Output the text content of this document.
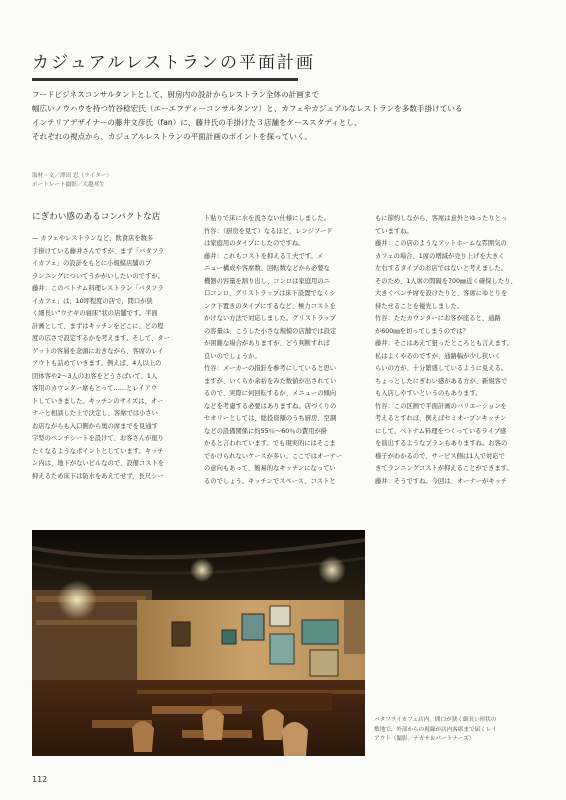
カジュアルレストランの平面計画
フードビジネスコンサルタントとして、厨房内の設計からレストラン全体の計画まで
幅広いノウハウを持つ竹谷稔宏氏（エーエフディーコンサルタンツ）と、カフェやカジュアルなレストランを多数手掛けている
インテリアデザイナーの藤井文彦氏（fan）に、藤井氏の手掛けた３店舗をケーススタディとし、
それぞれの視点から、カジュアルレストランの平面計画のポイントを探っていく。
取材・文／澤田 忍（ライター）
ポートレート撮影／大越邦生
にぎわい感のあるコンパクトな店
— カフェやレストランなど、飲食店を数多
手掛けている藤井さんですが、まず「バタフラ
イカフェ」の設計をもとに小規模店舗のプ
ランニングについてうかがいしたいのですが。
藤井：このベトナム料理レストラン「バタフラ
イカフェ」は、10坪程度の店で、間口が狭
く細長い“ウナギの寝床”状の店舗です。平面
計画として、まずはキッチンをどこに、どの程
度の広さで設定するかを考えます。そして、ター
ゲットの客層を念頭におきながら、客席のレイ
アウトも詰めていきます。例えば、4人以上の
団体客や2～3人のお客をどうさばいて、1人
客用のカウンター席もとって……とレイアウ
トしていきました。キッチンのサイズは、オー
ナーと相談した上で決定し、客席では小さい
お店ながらも入口側から奥の席までを見通す
字型のベンチシートを設けて、お客さんが座り
たくなるようなポイントとしています。キッチ
ン内は、地下がないビルなので、設備コストを
抑えるため床下は防水をあえてせず、長尺シー
ト貼りで床に水を流さない仕様にしました。
竹谷：（厨房を見て）なるほど、レンジフード
は家庭用のタイプにしたのですね。
藤井：これもコストを抑える工夫です。メ
ニュー構成や客席数、回転数などから必要な
機器の容量を割り出し、コンロは家庭用のニ
口コンロ、グリストラップは床下設置でなくシ
ンク下置きのタイプにするなど、極力コストを
かけない方法で対応しました。グリストラップ
の容量は、こうした小さな規模の店舗では設定
が困難な場合がありますが、どう判断すれば
良いのでしょうか。
竹谷：メーカーの指針を参考にしていると思い
ますが、いくらか余裕をみた数値が出されてい
るので、実際に何回転するか、メニューの傾向
などを考慮する必要はありますね。店づくりの
セオリーとしては、総投資額のうち厨房、空調
などの設備関係に約55％～60％の費用が掛
かると言われています。でも現実的にはそこま
でかけられないケースが多い。ここではオーナー
の意向もあって、簡易的なキッチンになってい
るのでしょう。キッチンでスペース、コストと
もに節約しながら、客席は意外とゆったりとっ
ていますね。
藤井：この店のようなアットホームな雰囲気の
カフェの場合、1席の増減が売り上げを大きく
左右するタイプのお店ではないと考えました。
そのため、1人席の間隔を700㎜近く確保したり、
大きくベンチ席を設けたりと、客席にゆとりを
持たせることを優先しました。
竹谷：ただカウンターにお客が座ると、通路
が600㎜を切ってしまうのでは？
藤井：そこはあえて狙ったところとも言えます。
私はよくやるのですが、通路幅が少し狭いく
らいの方が、十分繁盛しているように見える。
ちょっとしたにぎわい感がある方が、新規客で
も入店しやすいというのもあります。
竹谷：この区画で平面計画のバリエーションを
考えるとすれば、例えばセミオープンキッチン
にして、ベトナム料理をつくっているライブ感
を演出するようなプランもありますね。お客の
様子がわかるので、サービス側は1人で対応で
きてランニングコストが抑えることができます。
藤井：そうですね。今回は、オーナーがキッチ
バタフライカフェ店内。間口が狭く細長い形状の
敷地で、外部からの視線が店内客席まで届くレイ
アウト（撮影／ナカサ＆パートナーズ）
112
